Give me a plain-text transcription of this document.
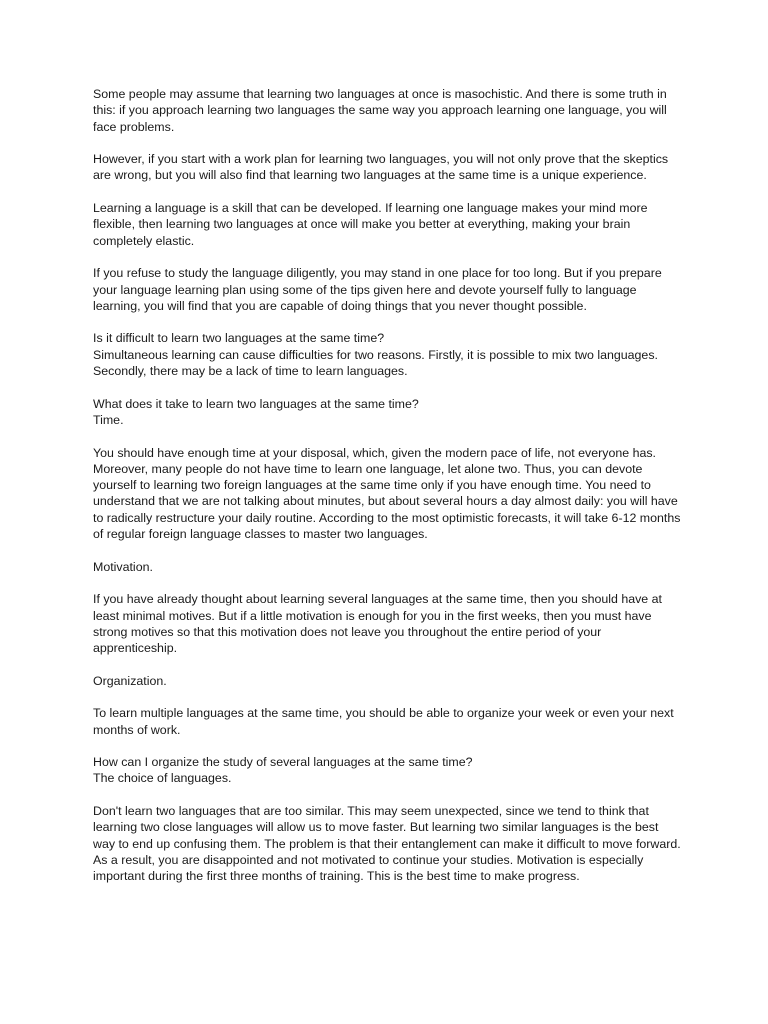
Some people may assume that learning two languages at once is masochistic. And there is some truth in this: if you approach learning two languages the same way you approach learning one language, you will face problems.

However, if you start with a work plan for learning two languages, you will not only prove that the skeptics are wrong, but you will also find that learning two languages at the same time is a unique experience.

Learning a language is a skill that can be developed. If learning one language makes your mind more flexible, then learning two languages at once will make you better at everything, making your brain completely elastic.

If you refuse to study the language diligently, you may stand in one place for too long. But if you prepare your language learning plan using some of the tips given here and devote yourself fully to language learning, you will find that you are capable of doing things that you never thought possible.

Is it difficult to learn two languages at the same time?
Simultaneous learning can cause difficulties for two reasons. Firstly, it is possible to mix two languages. Secondly, there may be a lack of time to learn languages.

What does it take to learn two languages at the same time?
Time.

You should have enough time at your disposal, which, given the modern pace of life, not everyone has. Moreover, many people do not have time to learn one language, let alone two. Thus, you can devote yourself to learning two foreign languages at the same time only if you have enough time. You need to understand that we are not talking about minutes, but about several hours a day almost daily: you will have to radically restructure your daily routine. According to the most optimistic forecasts, it will take 6-12 months of regular foreign language classes to master two languages.

Motivation.

If you have already thought about learning several languages at the same time, then you should have at least minimal motives. But if a little motivation is enough for you in the first weeks, then you must have strong motives so that this motivation does not leave you throughout the entire period of your apprenticeship.

Organization.

To learn multiple languages at the same time, you should be able to organize your week or even your next months of work.

How can I organize the study of several languages at the same time?
The choice of languages.

Don't learn two languages that are too similar. This may seem unexpected, since we tend to think that learning two close languages will allow us to move faster. But learning two similar languages is the best way to end up confusing them. The problem is that their entanglement can make it difficult to move forward. As a result, you are disappointed and not motivated to continue your studies. Motivation is especially important during the first three months of training. This is the best time to make progress.
